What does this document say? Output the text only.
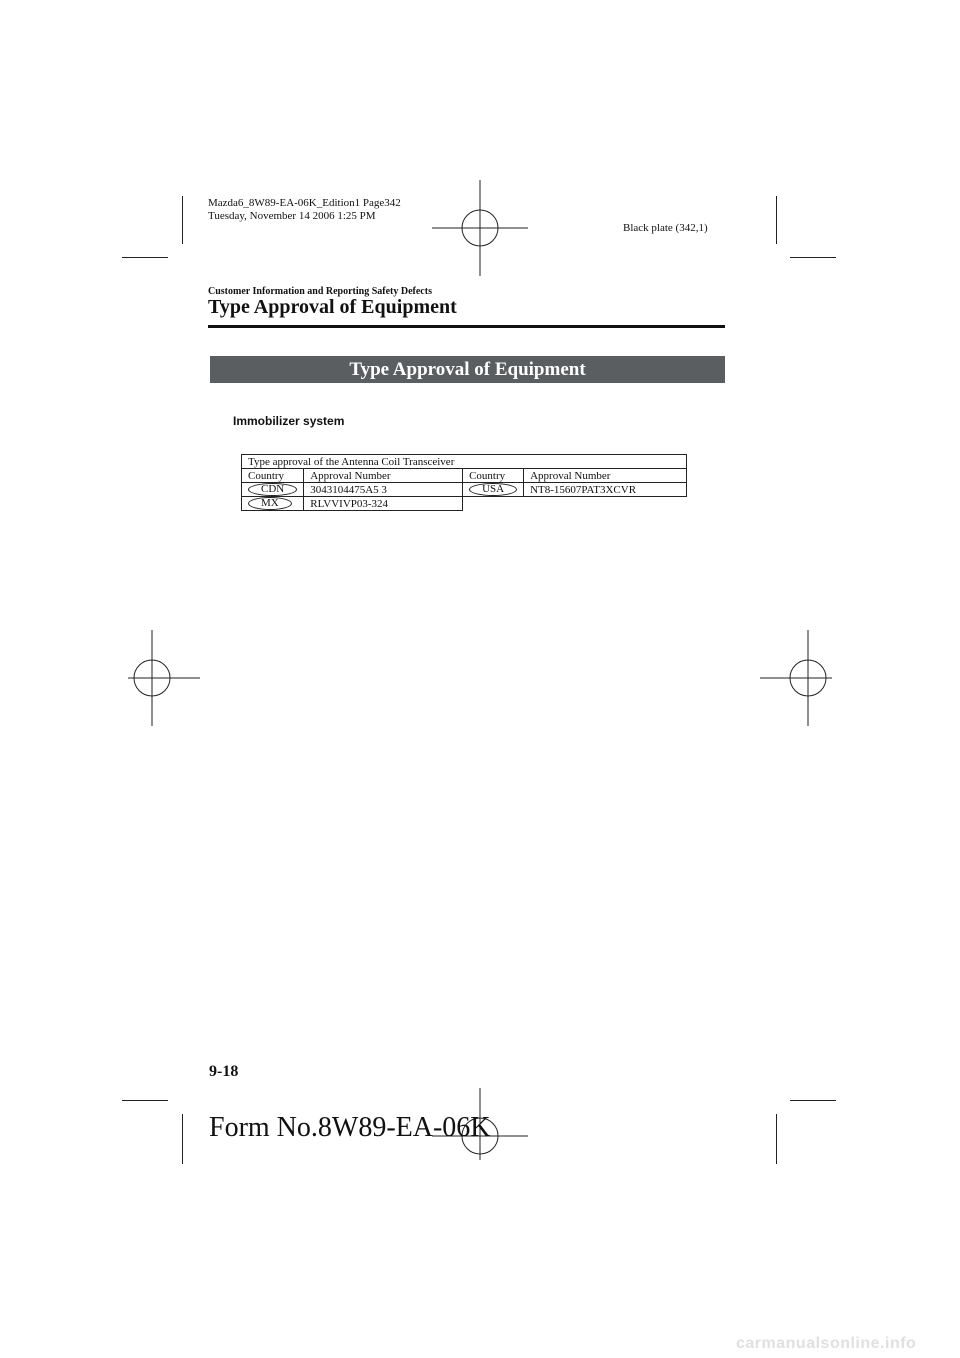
Mazda6_8W89-EA-06K_Edition1 Page342
Tuesday, November 14 2006 1:25 PM
Black plate (342,1)
Customer Information and Reporting Safety Defects
Type Approval of Equipment
Type Approval of Equipment
Immobilizer system
Type approval of the Antenna Coil Transceiver			
Country	Approval Number	Country	Approval Number
CDN	3043104475A5 3	USA	NT8-15607PAT3XCVR
MX	RLVVIVP03-324		
9-18
Form No.8W89-EA-06K
carmanualsonline.info
